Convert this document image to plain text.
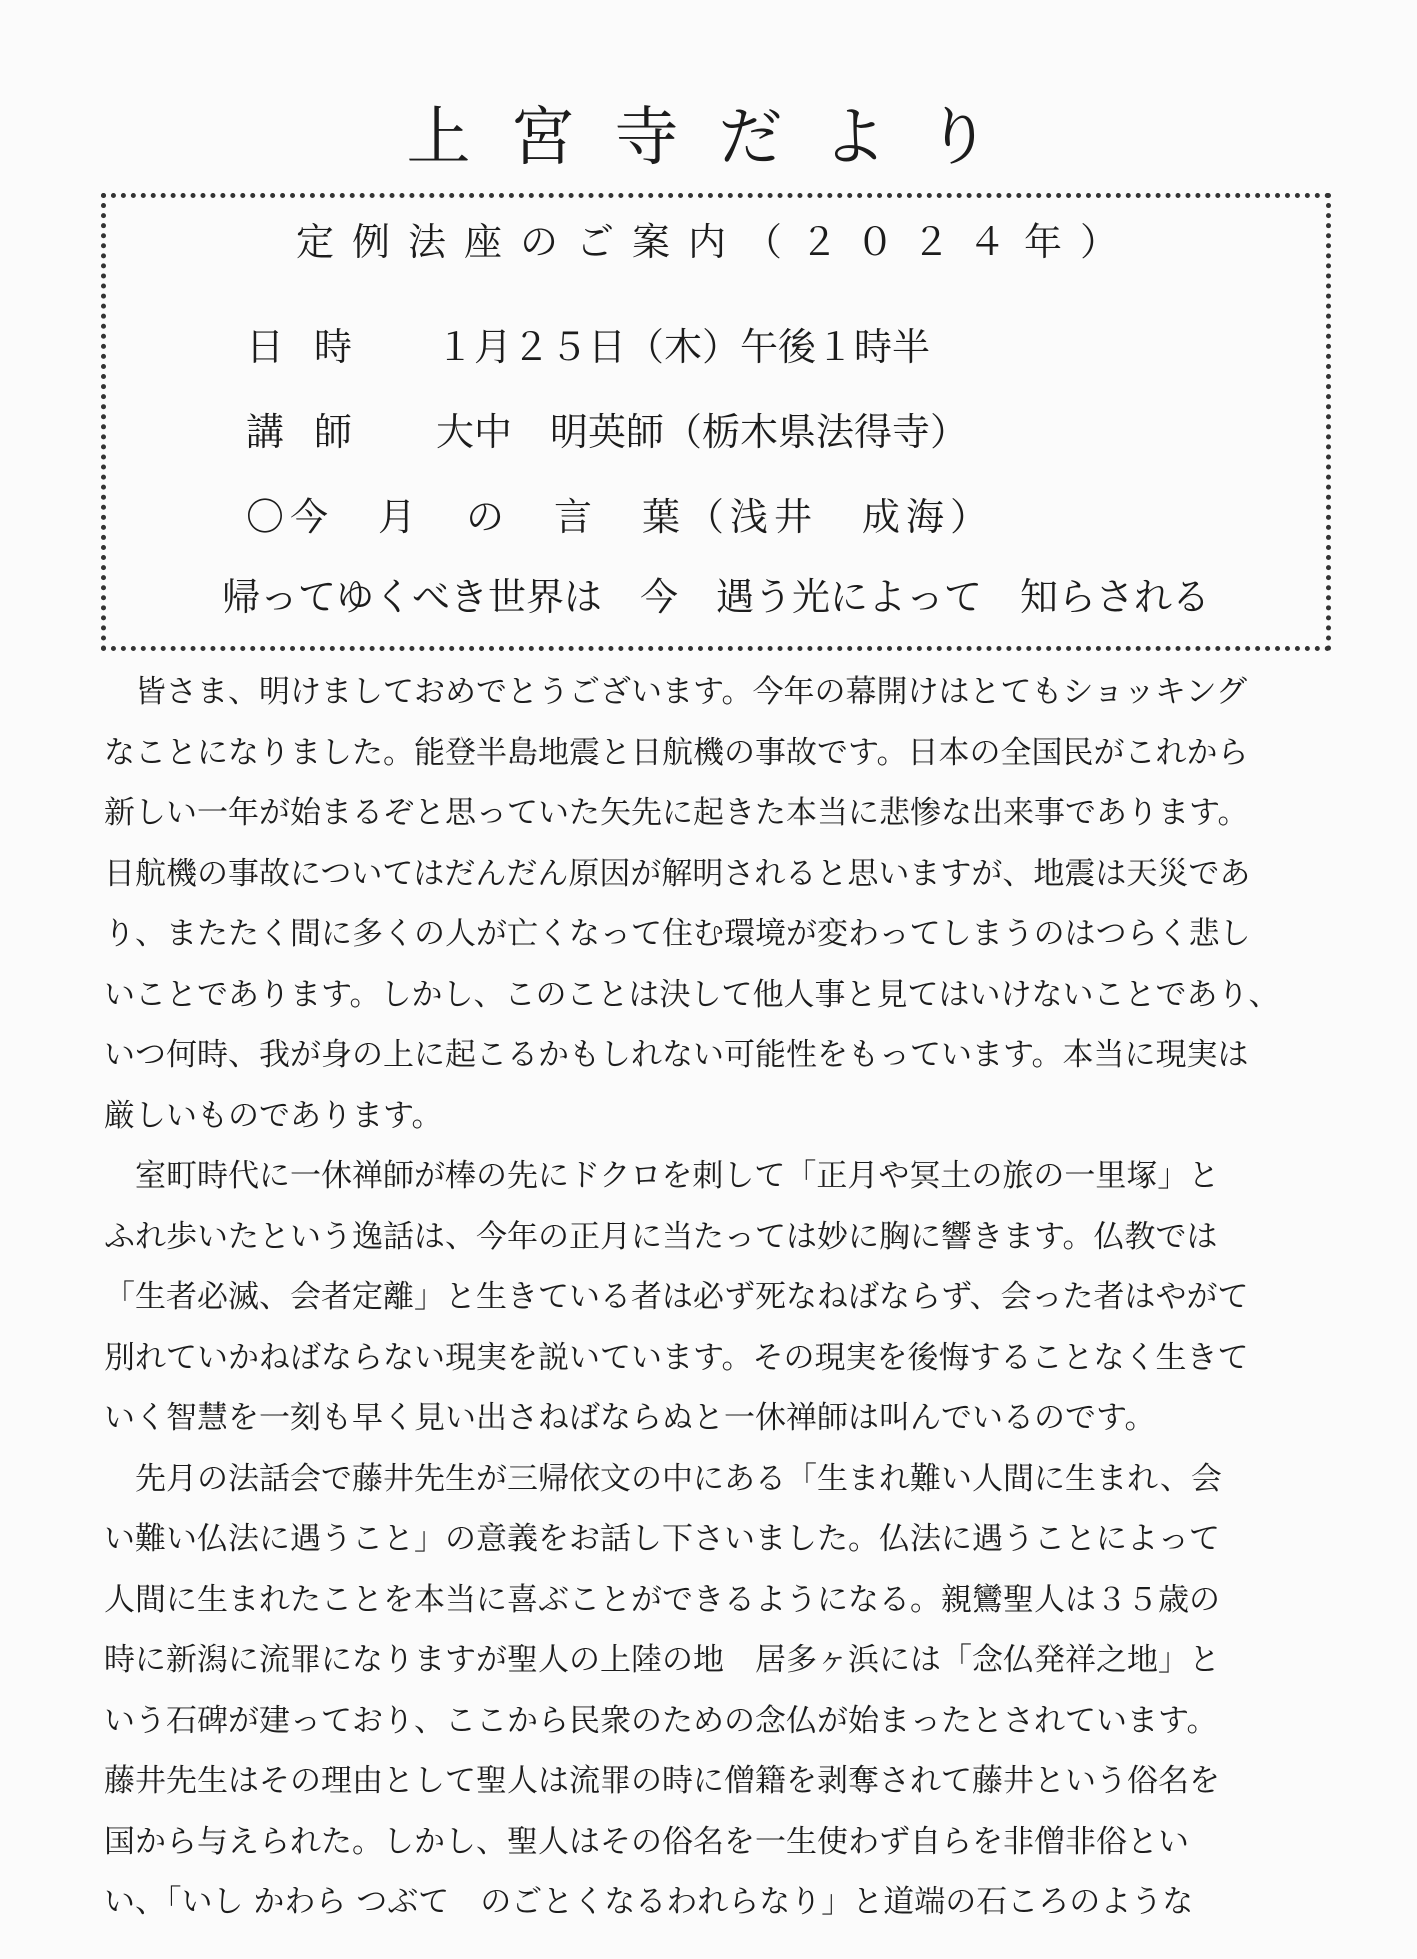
上宮寺だより
定例法座のご案内（２０２４年）
日時 １月２５日（木）午後１時半
講師 大中　明英師（栃木県法得寺）
〇今　月　の　言　葉（浅井　成海）
帰ってゆくべき世界は　今　遇う光によって　知らされる
皆さま、明けましておめでとうございます。今年の幕開けはとてもショッキング
なことになりました。能登半島地震と日航機の事故です。日本の全国民がこれから
新しい一年が始まるぞと思っていた矢先に起きた本当に悲惨な出来事であります。
日航機の事故についてはだんだん原因が解明されると思いますが、地震は天災であ
り、またたく間に多くの人が亡くなって住む環境が変わってしまうのはつらく悲し
いことであります。しかし、このことは決して他人事と見てはいけないことであり、
いつ何時、我が身の上に起こるかもしれない可能性をもっています。本当に現実は
厳しいものであります。
室町時代に一休禅師が棒の先にドクロを刺して「正月や冥土の旅の一里塚」と
ふれ歩いたという逸話は、今年の正月に当たっては妙に胸に響きます。仏教では
「生者必滅、会者定離」と生きている者は必ず死なねばならず、会った者はやがて
別れていかねばならない現実を説いています。その現実を後悔することなく生きて
いく智慧を一刻も早く見い出さねばならぬと一休禅師は叫んでいるのです。
先月の法話会で藤井先生が三帰依文の中にある「生まれ難い人間に生まれ、会
い難い仏法に遇うこと」の意義をお話し下さいました。仏法に遇うことによって
人間に生まれたことを本当に喜ぶことができるようになる。親鸞聖人は３５歳の
時に新潟に流罪になりますが聖人の上陸の地　居多ヶ浜には「念仏発祥之地」と
いう石碑が建っており、ここから民衆のための念仏が始まったとされています。
藤井先生はその理由として聖人は流罪の時に僧籍を剥奪されて藤井という俗名を
国から与えられた。しかし、聖人はその俗名を一生使わず自らを非僧非俗とい
い、「いし かわら つぶて　のごとくなるわれらなり」と道端の石ころのような
